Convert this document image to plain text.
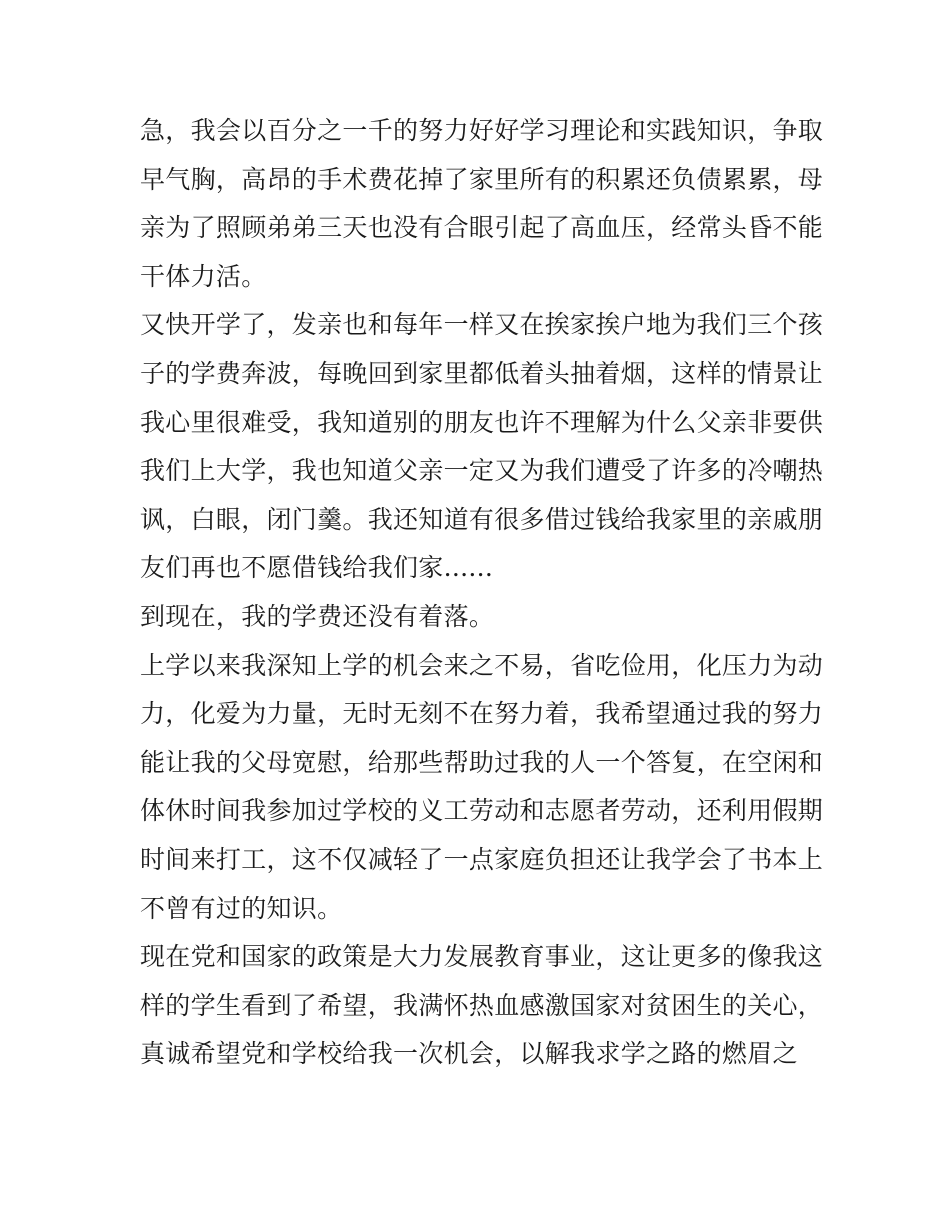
急，我会以百分之一千的努力好好学习理论和实践知识，争取
早气胸，高昂的手术费花掉了家里所有的积累还负债累累，母
亲为了照顾弟弟三天也没有合眼引起了高血压，经常头昏不能
干体力活。
又快开学了，发亲也和每年一样又在挨家挨户地为我们三个孩
子的学费奔波，每晚回到家里都低着头抽着烟，这样的情景让
我心里很难受，我知道别的朋友也许不理解为什么父亲非要供
我们上大学，我也知道父亲一定又为我们遭受了许多的冷嘲热
讽，白眼，闭门羹。我还知道有很多借过钱给我家里的亲戚朋
友们再也不愿借钱给我们家......
到现在，我的学费还没有着落。
上学以来我深知上学的机会来之不易，省吃俭用，化压力为动
力，化爱为力量，无时无刻不在努力着，我希望通过我的努力
能让我的父母宽慰，给那些帮助过我的人一个答复，在空闲和
体休时间我参加过学校的义工劳动和志愿者劳动，还利用假期
时间来打工，这不仅减轻了一点家庭负担还让我学会了书本上
不曾有过的知识。
现在党和国家的政策是大力发展教育事业，这让更多的像我这
样的学生看到了希望，我满怀热血感激国家对贫困生的关心，
真诚希望党和学校给我一次机会，以解我求学之路的燃眉之
